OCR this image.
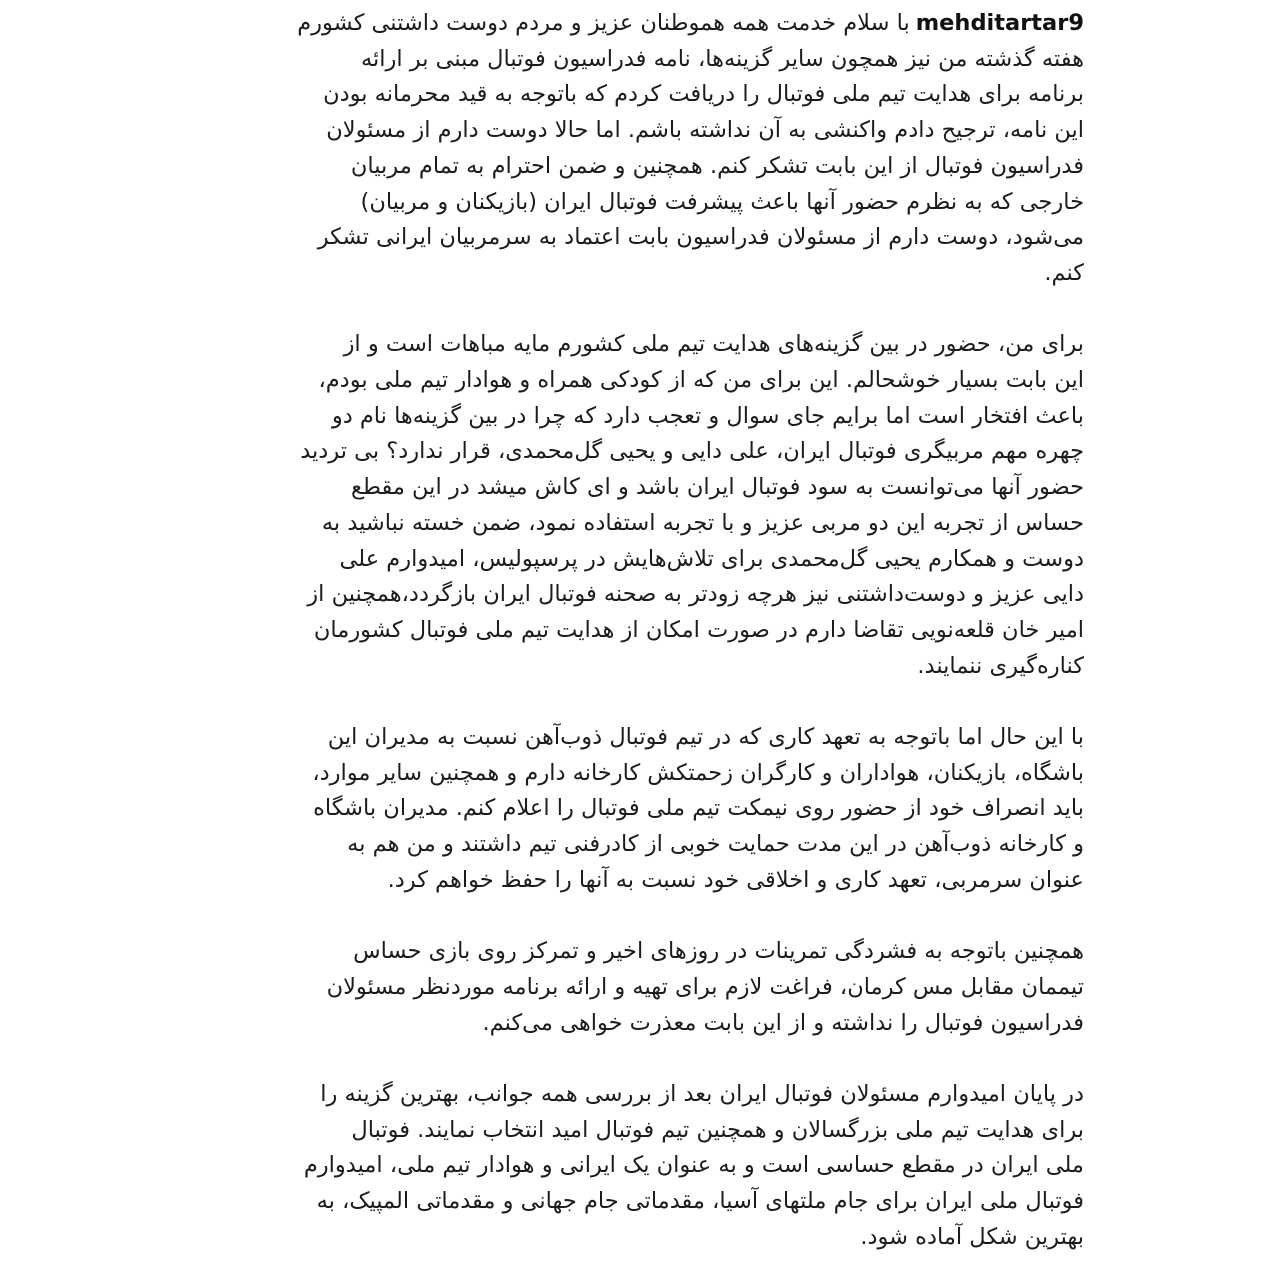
mehditartar9
با سلام خدمت همه هموطنان عزیز و مردم دوست داشتنی کشورم
هفته گذشته من نیز همچون سایر گزینه‌ها، نامه فدراسیون فوتبال مبنی بر ارائه
برنامه برای هدایت تیم ملی فوتبال را دریافت کردم که باتوجه به قید محرمانه بودن
این نامه، ترجیح دادم واکنشی به آن نداشته باشم. اما حالا دوست دارم از مسئولان
فدراسیون فوتبال از این بابت تشکر کنم. همچنین و ضمن احترام به تمام مربیان
خارجی که به نظرم حضور آنها باعث پیشرفت فوتبال ایران (بازیکنان و مربیان)
می‌شود، دوست دارم از مسئولان فدراسیون بابت اعتماد به سرمربیان ایرانی تشکر
کنم.
برای من، حضور در بین گزینه‌های هدایت تیم ملی کشورم مایه مباهات است و از
این بابت بسیار خوشحالم. این برای من که از کودکی همراه و هوادار تیم ملی بودم،
باعث افتخار است اما برایم جای سوال و تعجب دارد که چرا در بین گزینه‌ها نام دو
چهره مهم مربیگری فوتبال ایران، علی دایی و یحیی گل‌محمدی، قرار ندارد؟ بی تردید
حضور آنها می‌توانست به سود فوتبال ایران باشد و ای کاش میشد در این مقطع
حساس از تجربه این دو مربی عزیز و با تجربه استفاده نمود، ضمن خسته نباشید به
دوست و همکارم یحیی گل‌محمدی برای تلاش‌هایش در پرسپولیس، امیدوارم علی
دایی عزیز و دوست‌داشتنی نیز هرچه زودتر به صحنه فوتبال ایران بازگردد،همچنین از
امیر خان قلعه‌نویی تقاضا دارم در صورت امکان از هدایت تیم ملی فوتبال کشورمان
کناره‌گیری ننمایند.
با این حال اما باتوجه به تعهد کاری که در تیم فوتبال ذوب‌آهن نسبت به مدیران این
باشگاه، بازیکنان، هواداران و کارگران زحمتکش کارخانه دارم و همچنین سایر موارد،
باید انصراف خود از حضور روی نیمکت تیم ملی فوتبال را اعلام کنم. مدیران باشگاه
و کارخانه ذوب‌آهن در این مدت حمایت خوبی از کادرفنی تیم داشتند و من هم به
عنوان سرمربی، تعهد کاری و اخلاقی خود نسبت به آنها را حفظ خواهم کرد.
همچنین باتوجه به فشردگی تمرینات در روزهای اخیر و تمرکز روی بازی حساس
تیممان مقابل مس کرمان، فراغت لازم برای تهیه و ارائه برنامه موردنظر مسئولان
فدراسیون فوتبال را نداشته و از این بابت معذرت خواهی می‌کنم.
در پایان امیدوارم مسئولان فوتبال ایران بعد از بررسی همه جوانب، بهترین گزینه را
برای هدایت تیم ملی بزرگسالان و همچنین تیم فوتبال امید انتخاب نمایند. فوتبال
ملی ایران در مقطع حساسی است و به عنوان یک ایرانی و هوادار تیم ملی، امیدوارم
فوتبال ملی ایران برای جام ملتهای آسیا، مقدماتی جام جهانی و مقدماتی المپیک، به
بهترین شکل آماده شود.
